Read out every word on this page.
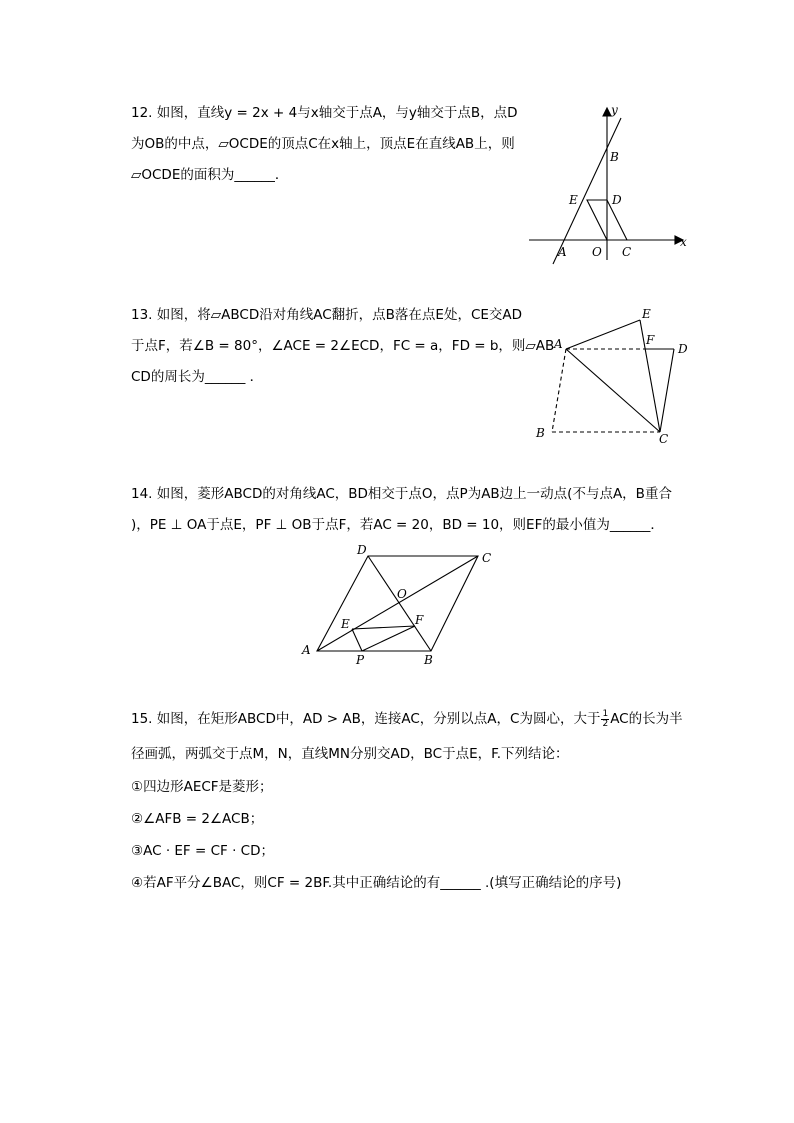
12. 如图，直线y = 2x + 4与x轴交于点A，与y轴交于点B，点D
为OB的中点，▱OCDE的顶点C在x轴上，顶点E在直线AB上，则
▱OCDE的面积为______．
y
x
B
E	D
A O C
13. 如图，将▱ABCD沿对角线AC翻折，点B落在点E处，CE交AD
于点F，若∠B = 80°，∠ACE = 2∠ECD，FC = a，FD = b，则▱AB
CD的周长为______ ．
E
A	F
D
B	C
14. 如图，菱形ABCD的对角线AC，BD相交于点O，点P为AB边上一动点(不与点A，B重合
)，PE ⊥ OA于点E，PF ⊥ OB于点F，若AC = 20，BD = 10，则EF的最小值为______．
D
C
O
E	F
A
P	B
15. 如图，在矩形ABCD中，AD > AB，连接AC，分别以点A，C为圆心，大于 $\frac{1}{2}$ AC的长为半
径画弧，两弧交于点M，N，直线MN分别交AD，BC于点E，F.下列结论：
①四边形AECF是菱形；
②∠AFB = 2∠ACB；
③AC · EF = CF · CD；
④若AF平分∠BAC，则CF = 2BF.其中正确结论的有______ .(填写正确结论的序号)
